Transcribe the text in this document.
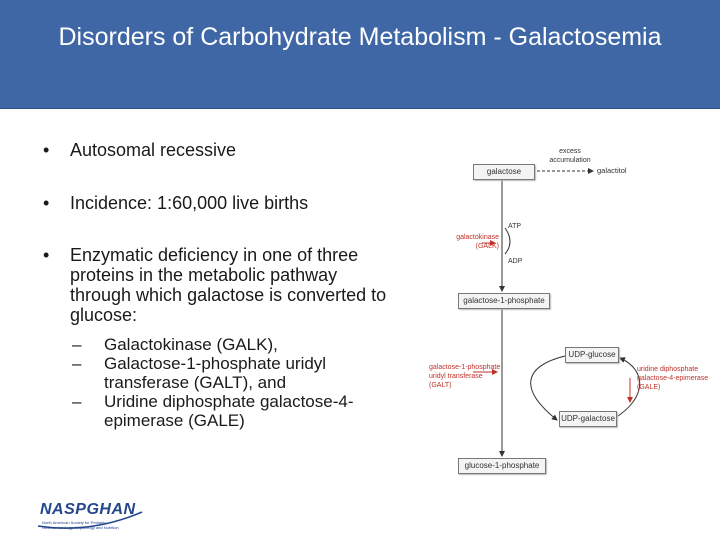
Disorders of Carbohydrate Metabolism - Galactosemia
• Autosomal recessive
• Incidence: 1:60,000 live births
• Enzymatic deficiency in one of three proteins in the metabolic pathway through which galactose is converted to glucose:
– Galactokinase (GALK),
– Galactose-1-phosphate uridyl transferase (GALT), and
– Uridine diphosphate galactose-4-epimerase (GALE)
galactose	galactitol
excess
accumulation
ATP
ADP
galactokinase
(GALK)
galactose-1-phosphate
UDP-glucose
UDP-galactose
galactose-1-phosphate
uridyl transferase
(GALT)
uridine diphosphate
galactose-4-epimerase
(GALE)
glucose-1-phosphate
NASPGHAN
North American Society for Pediatric Gastroenterology, Hepatology and Nutrition
